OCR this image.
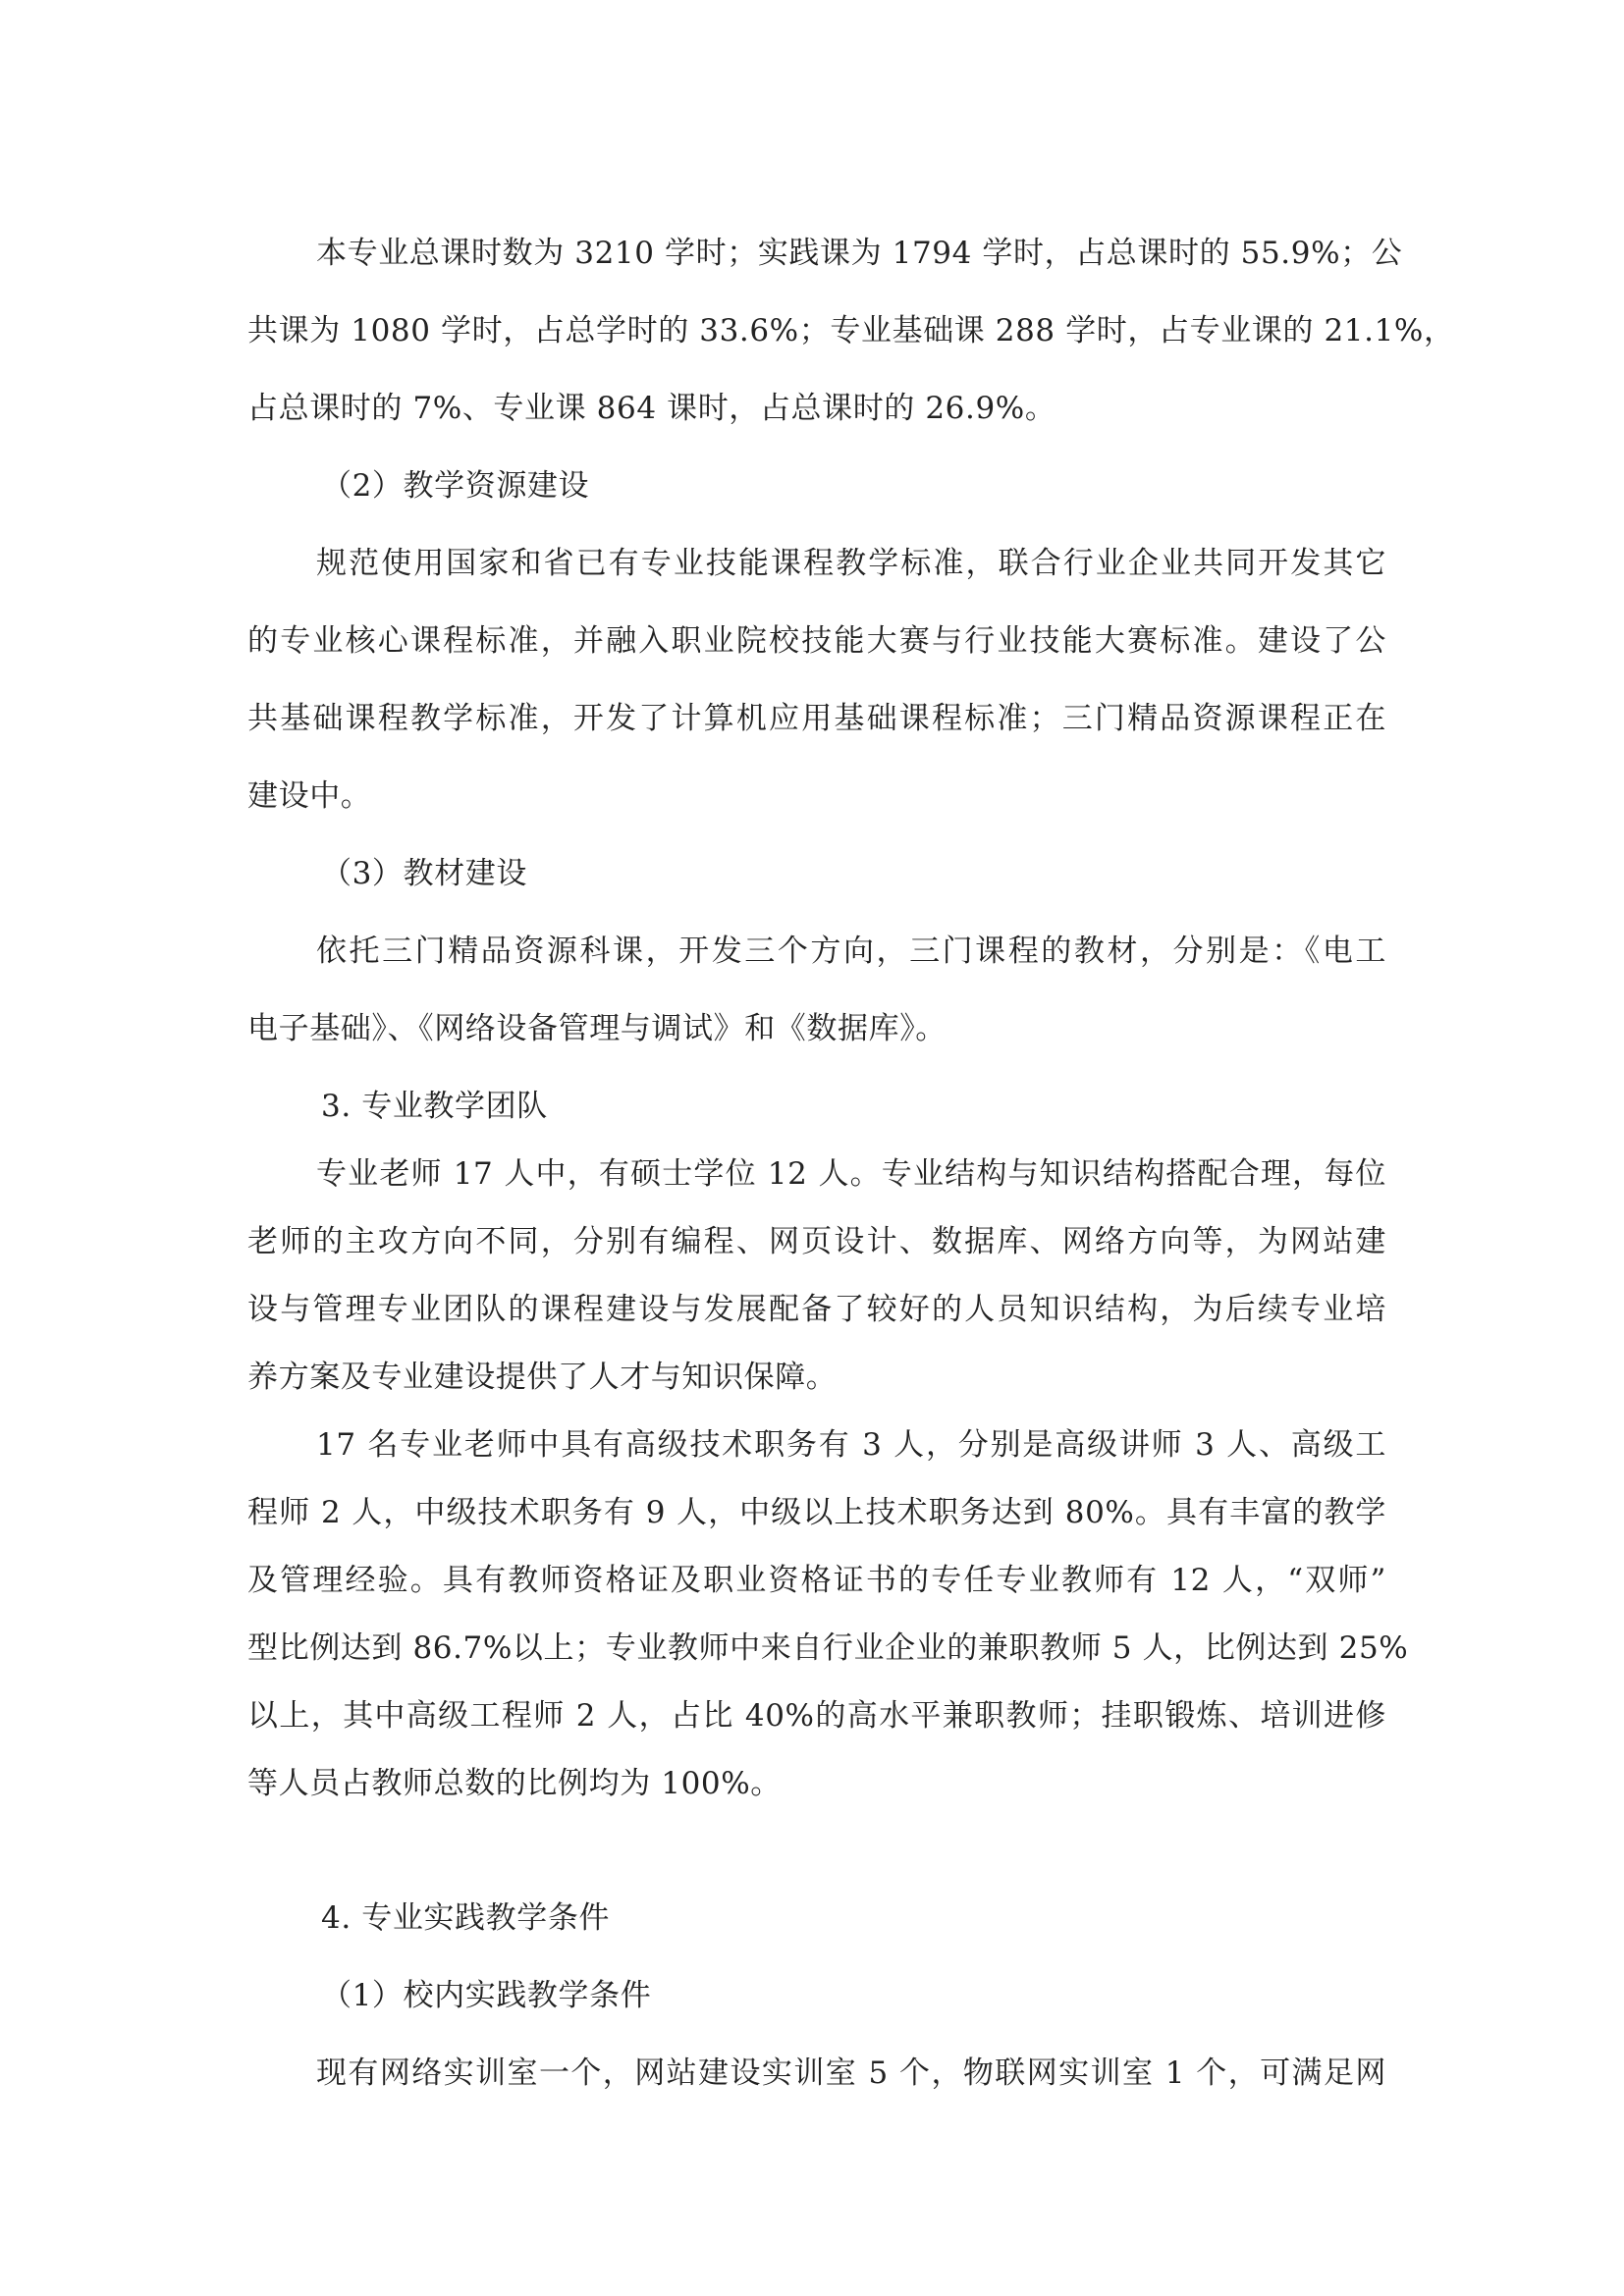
本专业总课时数为 3210 学时；实践课为 1794 学时，占总课时的 55.9%；公
共课为 1080 学时，占总学时的 33.6%；专业基础课 288 学时，占专业课的 21.1%，
占总课时的 7%、专业课 864 课时，占总课时的 26.9%。
（2）教学资源建设
规范使用国家和省已有专业技能课程教学标准，联合行业企业共同开发其它
的专业核心课程标准，并融入职业院校技能大赛与行业技能大赛标准。建设了公
共基础课程教学标准，开发了计算机应用基础课程标准；三门精品资源课程正在
建设中。
（3）教材建设
依托三门精品资源科课，开发三个方向，三门课程的教材，分别是：《电工
电子基础》、《网络设备管理与调试》和《数据库》。
3. 专业教学团队
专业老师 17 人中，有硕士学位 12 人。专业结构与知识结构搭配合理，每位
老师的主攻方向不同，分别有编程、网页设计、数据库、网络方向等，为网站建
设与管理专业团队的课程建设与发展配备了较好的人员知识结构，为后续专业培
养方案及专业建设提供了人才与知识保障。
17 名专业老师中具有高级技术职务有 3 人，分别是高级讲师 3 人、高级工
程师 2 人，中级技术职务有 9 人，中级以上技术职务达到 80%。具有丰富的教学
及管理经验。具有教师资格证及职业资格证书的专任专业教师有 12 人，“双师”
型比例达到 86.7%以上；专业教师中来自行业企业的兼职教师 5 人，比例达到 25%
以上，其中高级工程师 2 人，占比 40%的高水平兼职教师；挂职锻炼、培训进修
等人员占教师总数的比例均为 100%。
4. 专业实践教学条件
（1）校内实践教学条件
现有网络实训室一个，网站建设实训室 5 个，物联网实训室 1 个，可满足网
